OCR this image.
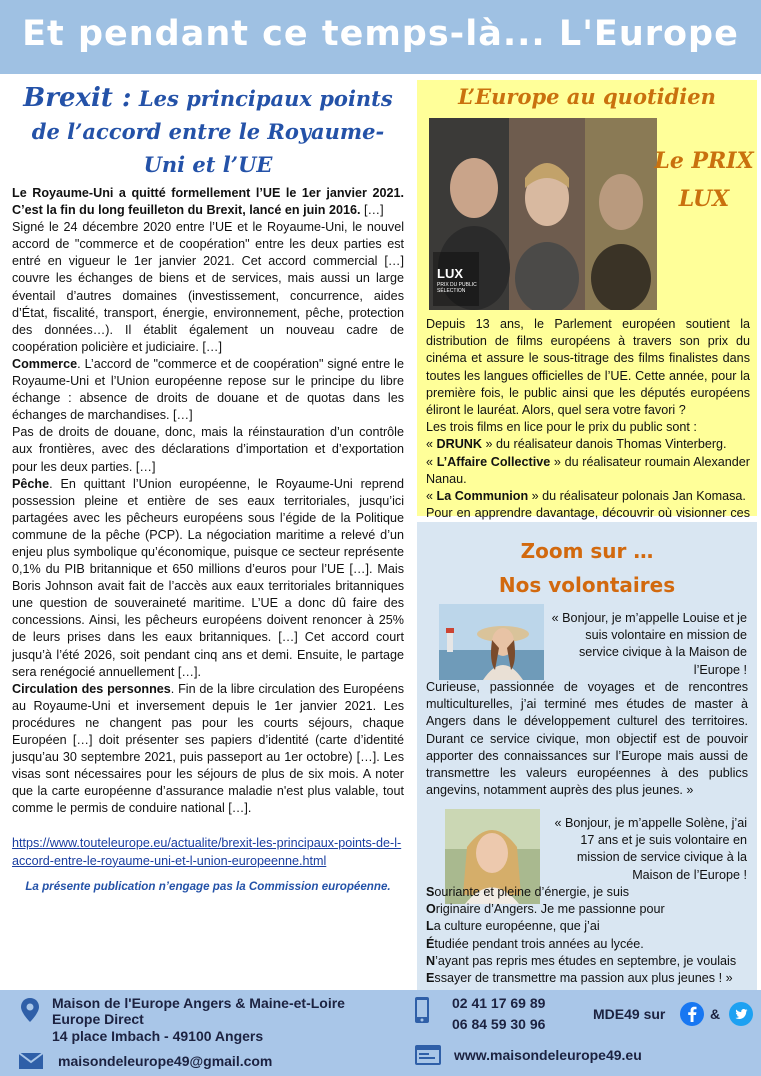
Et pendant ce temps-là... L'Europe
Brexit : Les principaux points de l’accord entre le Royaume-Uni et l’UE

Le Royaume-Uni a quitté formellement l’UE le 1er janvier 2021. C’est la fin du long feuilleton du Brexit, lancé en juin 2016. […]

Signé le 24 décembre 2020 entre l’UE et le Royaume-Uni, le nouvel accord de "commerce et de coopération" entre les deux parties est entré en vigueur le 1er janvier 2021. Cet accord commercial […] couvre les échanges de biens et de services, mais aussi un large éventail d’autres domaines (investissement, concurrence, aides d’État, fiscalité, transport, énergie, environnement, pêche, protection des données…). Il établit également un nouveau cadre de coopération policière et judiciaire. […]

Commerce. L’accord de "commerce et de coopération" signé entre le Royaume-Uni et l’Union européenne repose sur le principe du libre échange : absence de droits de douane et de quotas dans les échanges de marchandises. […]

Pas de droits de douane, donc, mais la réinstauration d’un contrôle aux frontières, avec des déclarations d’importation et d’exportation pour les deux parties. […]

Pêche. En quittant l’Union européenne, le Royaume-Uni reprend possession pleine et entière de ses eaux territoriales, jusqu’ici partagées avec les pêcheurs européens sous l’égide de la Politique commune de la pêche (PCP). La négociation maritime a relevé d’un enjeu plus symbolique qu’économique, puisque ce secteur représente 0,1% du PIB britannique et 650 millions d’euros pour l’UE […]. Mais Boris Johnson avait fait de l’accès aux eaux territoriales britanniques une question de souveraineté maritime. L’UE a donc dû faire des concessions. Ainsi, les pêcheurs européens doivent renoncer à 25% de leurs prises dans les eaux britanniques. […] Cet accord court jusqu’à l’été 2026, soit pendant cinq ans et demi. Ensuite, le partage sera renégocié annuellement […].

Circulation des personnes. Fin de la libre circulation des Européens au Royaume-Uni et inversement depuis le 1er janvier 2021. Les procédures ne changent pas pour les courts séjours, chaque Européen […] doit présenter ses papiers d’identité (carte d’identité jusqu’au 30 septembre 2021, puis passeport au 1er octobre) […]. Les visas sont nécessaires pour les séjours de plus de six mois. A noter que la carte européenne d’assurance maladie n'est plus valable, tout comme le permis de conduire national […].

https://www.touteleurope.eu/actualite/brexit-les-principaux-points-de-l-accord-entre-le-royaume-uni-et-l-union-europeenne.html
La présente publication n’engage pas la Commission européenne.
L’Europe au quotidien
LUX
PRIX DU PUBLIC SÉLECTION
Le PRIX
LUX

Depuis 13 ans, le Parlement européen soutient la distribution de films européens à travers son prix du cinéma et assure le sous-titrage des films finalistes dans toutes les langues officielles de l’UE. Cette année, pour la première fois, le public ainsi que les députés européens éliront le lauréat. Alors, quel sera votre favori ?

Les trois films en lice pour le prix du public sont :

« DRUNK » du réalisateur danois Thomas Vinterberg.

« L’Affaire Collective » du réalisateur roumain Alexander Nanau.

« La Communion » du réalisateur polonais Jan Komasa.

Pour en apprendre davantage, découvrir où visionner ces

Zoom sur …
Nos volontaires
« Bonjour, je m’appelle Louise et je suis volontaire en mission de service civique à la Maison de l’Europe !
Curieuse, passionnée de voyages et de rencontres multiculturelles, j’ai terminé mes études de master à Angers dans le développement culturel des territoires. Durant ce service civique, mon objectif est de pouvoir apporter des connaissances sur l’Europe mais aussi de transmettre les valeurs européennes à des publics angevins, notamment auprès des plus jeunes. »
« Bonjour, je m’appelle Solène, j’ai 17 ans et je suis volontaire en mission de service civique à la Maison de l’Europe !
Souriante et pleine d’énergie, je suis
Originaire d’Angers. Je me passionne pour
La culture européenne, que j’ai
Étudiée pendant trois années au lycée.
N’ayant pas repris mes études en septembre, je voulais
Essayer de transmettre ma passion aux plus jeunes ! »
Maison de l'Europe Angers & Maine-et-Loire
Europe Direct
14 place Imbach - 49100 Angers
maisondeleurope49@gmail.com
02 41 17 69 89
06 84 59 30 96
MDE49 sur	&
www.maisondeleurope49.eu
